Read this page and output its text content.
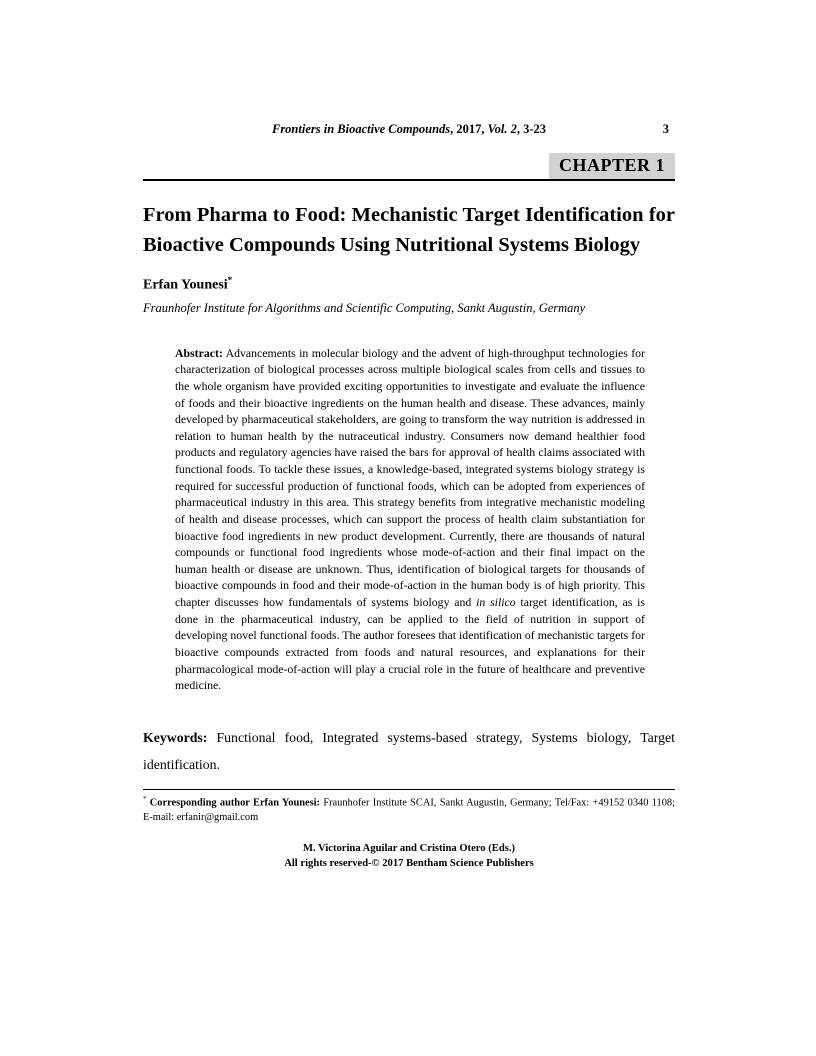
Frontiers in Bioactive Compounds, 2017, Vol. 2, 3-23	3
CHAPTER 1
From Pharma to Food: Mechanistic Target Identification for Bioactive Compounds Using Nutritional Systems Biology
Erfan Younesi*
Fraunhofer Institute for Algorithms and Scientific Computing, Sankt Augustin, Germany
Abstract: Advancements in molecular biology and the advent of high-throughput technologies for characterization of biological processes across multiple biological scales from cells and tissues to the whole organism have provided exciting opportunities to investigate and evaluate the influence of foods and their bioactive ingredients on the human health and disease. These advances, mainly developed by pharmaceutical stakeholders, are going to transform the way nutrition is addressed in relation to human health by the nutraceutical industry. Consumers now demand healthier food products and regulatory agencies have raised the bars for approval of health claims associated with functional foods. To tackle these issues, a knowledge-based, integrated systems biology strategy is required for successful production of functional foods, which can be adopted from experiences of pharmaceutical industry in this area. This strategy benefits from integrative mechanistic modeling of health and disease processes, which can support the process of health claim substantiation for bioactive food ingredients in new product development. Currently, there are thousands of natural compounds or functional food ingredients whose mode-of-action and their final impact on the human health or disease are unknown. Thus, identification of biological targets for thousands of bioactive compounds in food and their mode-of-action in the human body is of high priority. This chapter discusses how fundamentals of systems biology and in silico target identification, as is done in the pharmaceutical industry, can be applied to the field of nutrition in support of developing novel functional foods. The author foresees that identification of mechanistic targets for bioactive compounds extracted from foods and natural resources, and explanations for their pharmacological mode-of-action will play a crucial role in the future of healthcare and preventive medicine.
Keywords: Functional food, Integrated systems-based strategy, Systems biology, Target identification.
* Corresponding author Erfan Younesi: Fraunhofer Institute SCAI, Sankt Augustin, Germany; Tel/Fax: +49152 0340 1108; E-mail: erfanir@gmail.com
M. Victorina Aguilar and Cristina Otero (Eds.)
All rights reserved-© 2017 Bentham Science Publishers
